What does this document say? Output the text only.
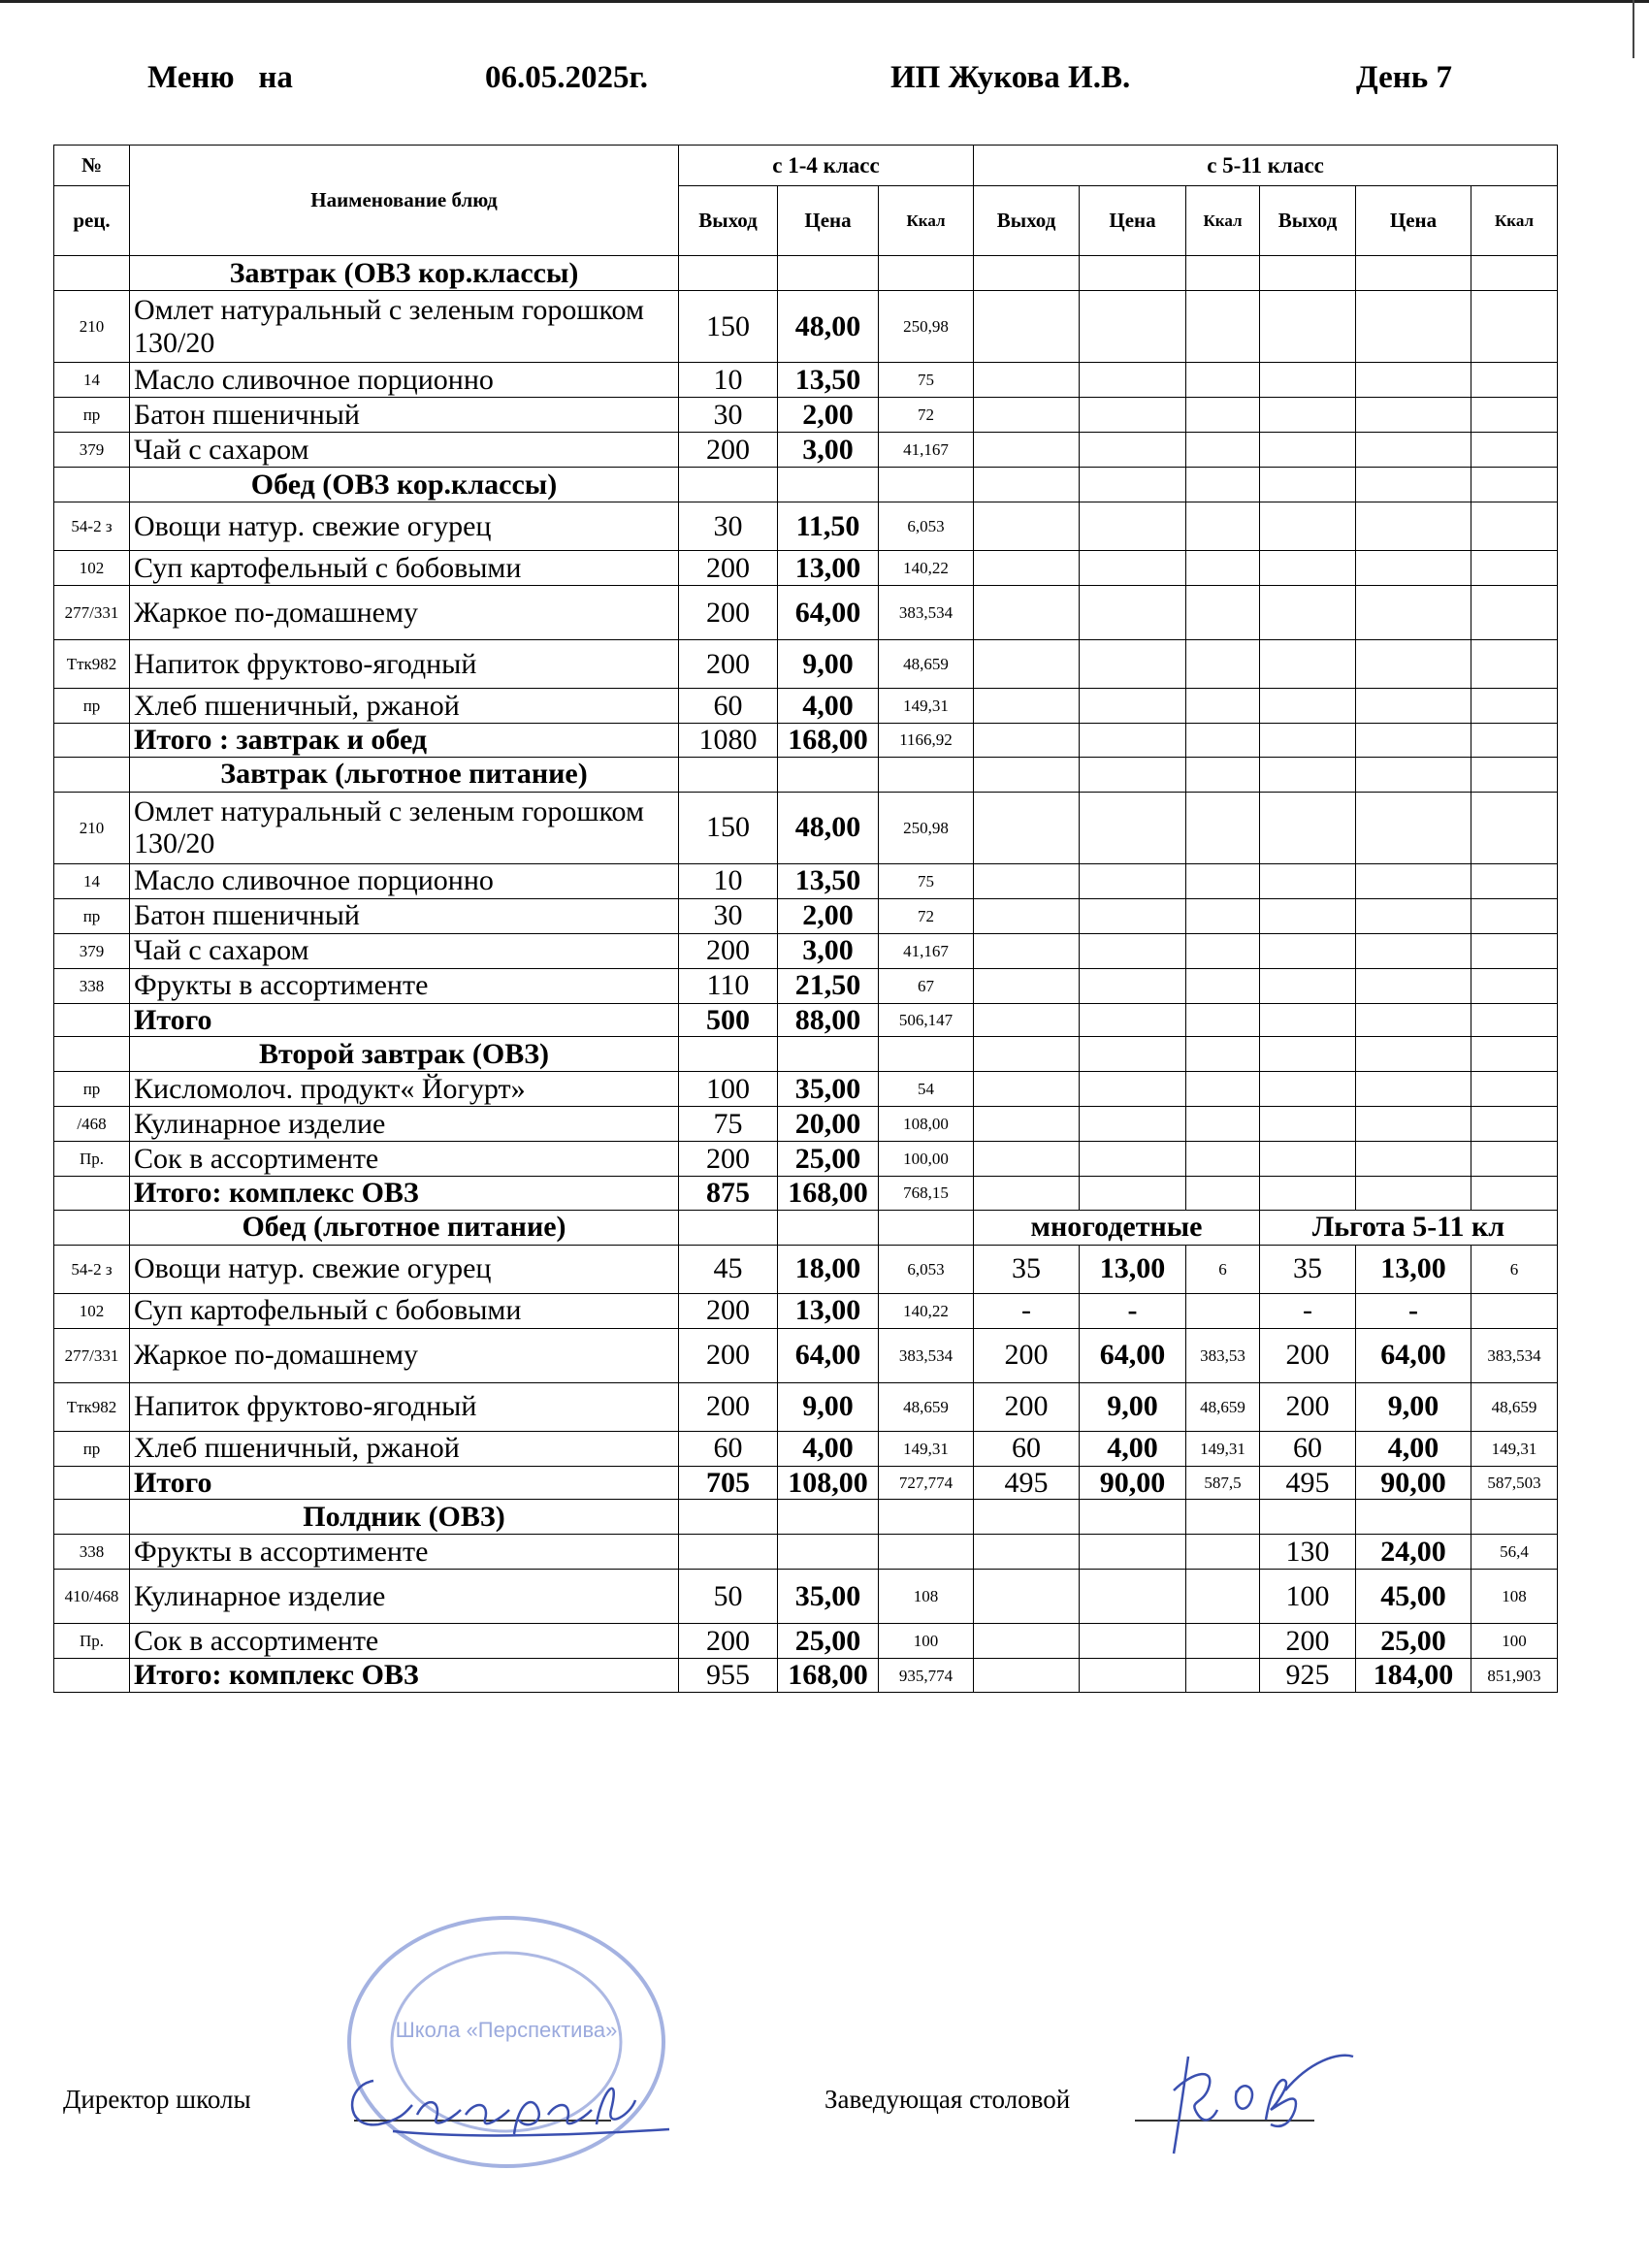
Меню   на	06.05.2025г.	ИП Жукова И.В.	День 7
№	Наименование блюд	с 1-4 класс			с 5-11 класс					
рец.		Выход	Цена	Ккал	Выход	Цена	Ккал	Выход	Цена	Ккал
	Завтрак (ОВЗ кор.классы)									
210	Омлет натуральный с зеленым горошком 130/20	150	48,00	250,98						
14	Масло сливочное порционно	10	13,50	75						
пр	Батон пшеничный	30	2,00	72						
379	Чай с сахаром	200	3,00	41,167						
	Обед (ОВЗ кор.классы)									
54-2 з	Овощи натур. свежие огурец	30	11,50	6,053						
102	Суп картофельный с бобовыми	200	13,00	140,22						
277/331	Жаркое по-домашнему	200	64,00	383,534						
Ттк982	Напиток фруктово-ягодный	200	9,00	48,659						
пр	Хлеб пшеничный, ржаной	60	4,00	149,31						
	Итого : завтрак и обед	1080	168,00	1166,92						
	Завтрак (льготное питание)									
210	Омлет натуральный с зеленым горошком 130/20	150	48,00	250,98						
14	Масло сливочное порционно	10	13,50	75						
пр	Батон пшеничный	30	2,00	72						
379	Чай с сахаром	200	3,00	41,167						
338	Фрукты в ассортименте	110	21,50	67						
	Итого	500	88,00	506,147						
	Второй завтрак (ОВЗ)									
пр	Кисломолоч. продукт« Йогурт»	100	35,00	54						
/468	Кулинарное изделие	75	20,00	108,00						
Пр.	Сок в ассортименте	200	25,00	100,00						
	Итого: комплекс ОВЗ	875	168,00	768,15						
	Обед (льготное питание)				многодетные			Льгота 5-11 кл		
54-2 з	Овощи натур. свежие огурец	45	18,00	6,053	35	13,00	6	35	13,00	6
102	Суп картофельный с бобовыми	200	13,00	140,22	-	-		-	-	
277/331	Жаркое по-домашнему	200	64,00	383,534	200	64,00	383,53	200	64,00	383,534
Ттк982	Напиток фруктово-ягодный	200	9,00	48,659	200	9,00	48,659	200	9,00	48,659
пр	Хлеб пшеничный, ржаной	60	4,00	149,31	60	4,00	149,31	60	4,00	149,31
	Итого	705	108,00	727,774	495	90,00	587,5	495	90,00	587,503
	Полдник (ОВЗ)									
338	Фрукты в ассортименте							130	24,00	56,4
410/468	Кулинарное изделие	50	35,00	108				100	45,00	108
Пр.	Сок в ассортименте	200	25,00	100				200	25,00	100
	Итого: комплекс ОВЗ	955	168,00	935,774				925	184,00	851,903
Школа «Перспектива»
Директор школы	Заведующая столовой
